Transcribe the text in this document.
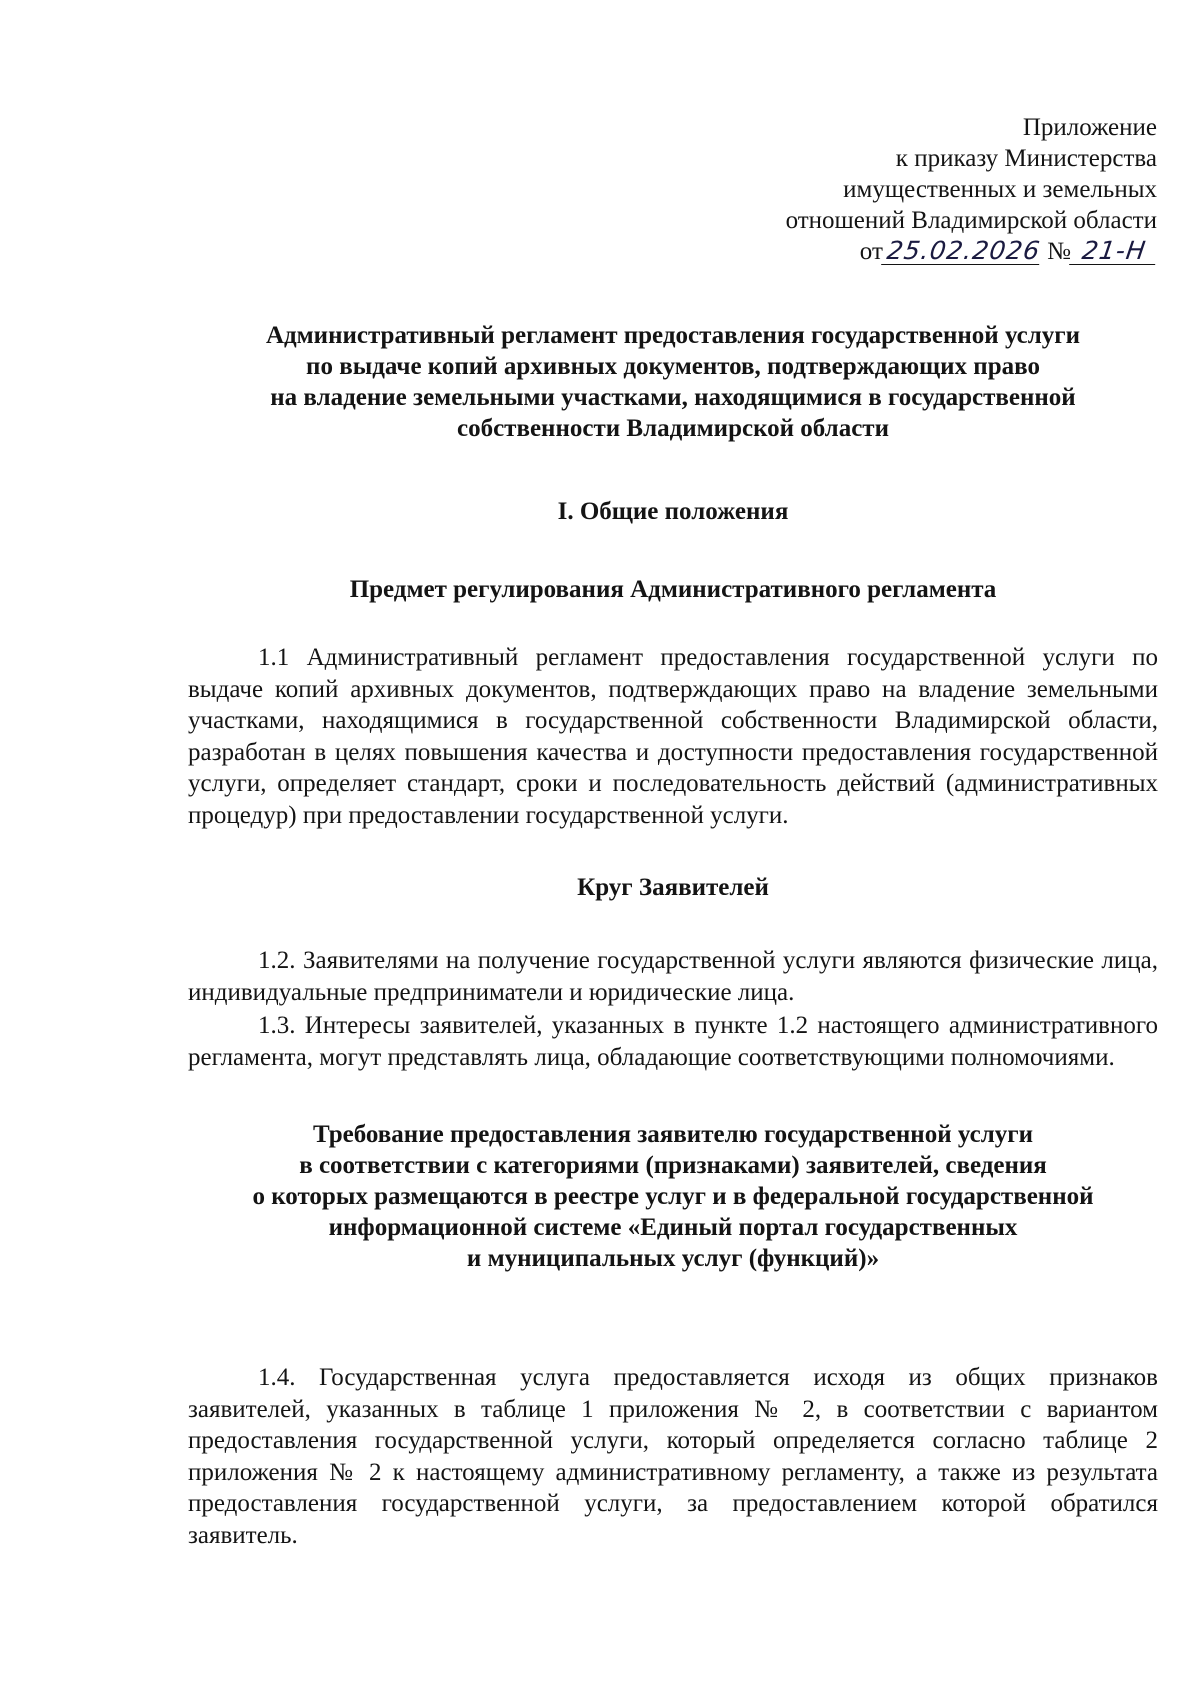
Приложение
к приказу Министерства
имущественных и земельных
отношений Владимирской области
от25.02.2026 № 21-Н
Административный регламент предоставления государственной услуги
по выдаче копий архивных документов, подтверждающих право
на владение земельными участками, находящимися в государственной
собственности Владимирской области
I. Общие положения
Предмет регулирования Административного регламента

1.1 Административный регламент предоставления государственной услуги по выдаче копий архивных документов, подтверждающих право на владение земельными участками, находящимися в государственной собственности Владимирской области, разработан в целях повышения качества и доступности предоставления государственной услуги, определяет стандарт, сроки и последовательность действий (административных процедур) при предоставлении государственной услуги.

Круг Заявителей

1.2. Заявителями на получение государственной услуги являются физические лица, индивидуальные предприниматели и юридические лица.

1.3. Интересы заявителей, указанных в пункте 1.2 настоящего административного регламента, могут представлять лица, обладающие соответствующими полномочиями.

Требование предоставления заявителю государственной услуги
в соответствии с категориями (признаками) заявителей, сведения
о которых размещаются в реестре услуг и в федеральной государственной
информационной системе «Единый портал государственных
и муниципальных услуг (функций)»

1.4. Государственная услуга предоставляется исходя из общих признаков заявителей, указанных в таблице 1 приложения № 2, в соответствии с вариантом предоставления государственной услуги, который определяется согласно таблице 2 приложения № 2 к настоящему административному регламенту, а также из результата предоставления государственной услуги, за предоставлением которой обратился заявитель.
